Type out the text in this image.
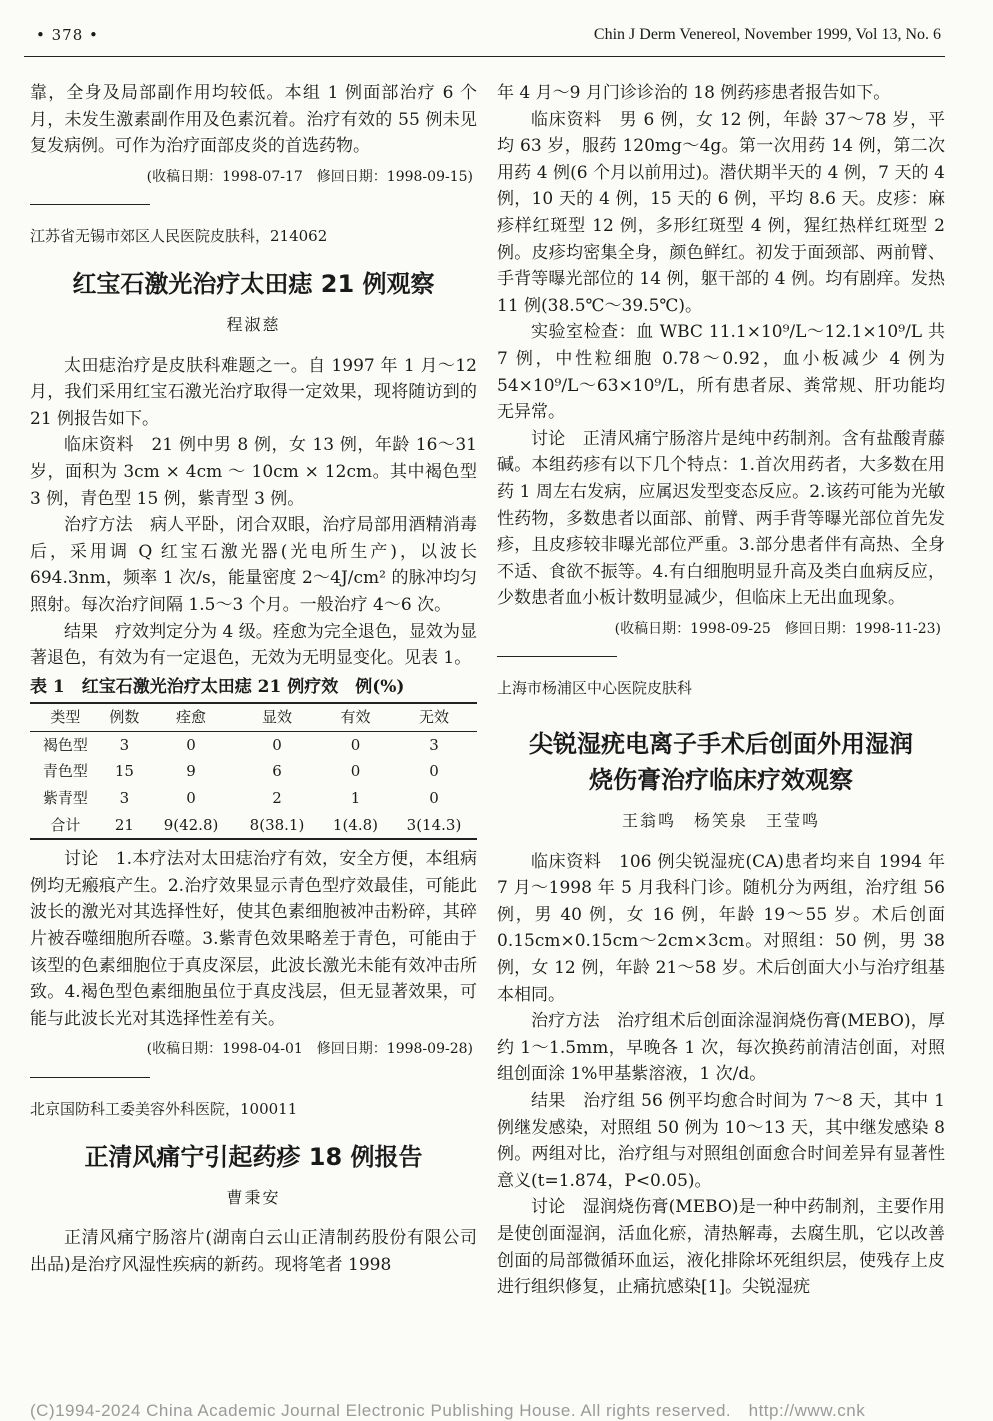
• 378 •	Chin J Derm Venereol, November 1999, Vol 13, No. 6

靠，全身及局部副作用均较低。本组 1 例面部治疗 6 个月，未发生激素副作用及色素沉着。治疗有效的 55 例未见复发病例。可作为治疗面部皮炎的首选药物。

(收稿日期：1998-07-17　修回日期：1998-09-15)
江苏省无锡市郊区人民医院皮肤科，214062
红宝石激光治疗太田痣 21 例观察
程淑慈

太田痣治疗是皮肤科难题之一。自 1997 年 1 月～12 月，我们采用红宝石激光治疗取得一定效果，现将随访到的 21 例报告如下。

临床资料　21 例中男 8 例，女 13 例，年龄 16～31 岁，面积为 3cm × 4cm ～ 10cm × 12cm。其中褐色型 3 例，青色型 15 例，紫青型 3 例。

治疗方法　病人平卧，闭合双眼，治疗局部用酒精消毒后，采用调 Q 红宝石激光器(光电所生产)，以波长 694.3nm，频率 1 次/s，能量密度 2～4J/cm² 的脉冲均匀照射。每次治疗间隔 1.5～3 个月。一般治疗 4～6 次。

结果　疗效判定分为 4 级。痊愈为完全退色，显效为显著退色，有效为有一定退色，无效为无明显变化。见表 1。

表 1　红宝石激光治疗太田痣 21 例疗效　例(%)
类型	例数	痊愈	显效	有效	无效
褐色型	3	0	0	0	3
青色型	15	9	6	0	0
紫青型	3	0	2	1	0
合计	21	9(42.8)	8(38.1)	1(4.8)	3(14.3)

讨论　1.本疗法对太田痣治疗有效，安全方便，本组病例均无瘢痕产生。2.治疗效果显示青色型疗效最佳，可能此波长的激光对其选择性好，使其色素细胞被冲击粉碎，其碎片被吞噬细胞所吞噬。3.紫青色效果略差于青色，可能由于该型的色素细胞位于真皮深层，此波长激光未能有效冲击所致。4.褐色型色素细胞虽位于真皮浅层，但无显著效果，可能与此波长光对其选择性差有关。

(收稿日期：1998-04-01　修回日期：1998-09-28)
北京国防科工委美容外科医院，100011
正清风痛宁引起药疹 18 例报告
曹秉安

正清风痛宁肠溶片(湖南白云山正清制药股份有限公司出品)是治疗风湿性疾病的新药。现将笔者 1998

年 4 月～9 月门诊诊治的 18 例药疹患者报告如下。

临床资料　男 6 例，女 12 例，年龄 37～78 岁，平均 63 岁，服药 120mg～4g。第一次用药 14 例，第二次用药 4 例(6 个月以前用过)。潜伏期半天的 4 例，7 天的 4 例，10 天的 4 例，15 天的 6 例，平均 8.6 天。皮疹：麻疹样红斑型 12 例，多形红斑型 4 例，猩红热样红斑型 2 例。皮疹均密集全身，颜色鲜红。初发于面颈部、两前臂、手背等曝光部位的 14 例，躯干部的 4 例。均有剧痒。发热 11 例(38.5℃～39.5℃)。

实验室检查：血 WBC 11.1×10⁹/L～12.1×10⁹/L 共 7 例，中性粒细胞 0.78～0.92，血小板减少 4 例为 54×10⁹/L～63×10⁹/L，所有患者尿、粪常规、肝功能均无异常。

讨论　正清风痛宁肠溶片是纯中药制剂。含有盐酸青藤碱。本组药疹有以下几个特点：1.首次用药者，大多数在用药 1 周左右发病，应属迟发型变态反应。2.该药可能为光敏性药物，多数患者以面部、前臂、两手背等曝光部位首先发疹，且皮疹较非曝光部位严重。3.部分患者伴有高热、全身不适、食欲不振等。4.有白细胞明显升高及类白血病反应，少数患者血小板计数明显减少，但临床上无出血现象。

(收稿日期：1998-09-25　修回日期：1998-11-23)
上海市杨浦区中心医院皮肤科
尖锐湿疣电离子手术后创面外用湿润
烧伤膏治疗临床疗效观察
王翁鸣　杨笑泉　王莹鸣

临床资料　106 例尖锐湿疣(CA)患者均来自 1994 年 7 月～1998 年 5 月我科门诊。随机分为两组，治疗组 56 例，男 40 例，女 16 例，年龄 19～55 岁。术后创面 0.15cm×0.15cm～2cm×3cm。对照组：50 例，男 38 例，女 12 例，年龄 21～58 岁。术后创面大小与治疗组基本相同。

治疗方法　治疗组术后创面涂湿润烧伤膏(MEBO)，厚约 1～1.5mm，早晚各 1 次，每次换药前清洁创面，对照组创面涂 1%甲基紫溶液，1 次/d。

结果　治疗组 56 例平均愈合时间为 7～8 天，其中 1 例继发感染，对照组 50 例为 10～13 天，其中继发感染 8 例。两组对比，治疗组与对照组创面愈合时间差异有显著性意义(t=1.874，P<0.05)。

讨论　湿润烧伤膏(MEBO)是一种中药制剂，主要作用是使创面湿润，活血化瘀，清热解毒，去腐生肌，它以改善创面的局部微循环血运，液化排除坏死组织层，使残存上皮进行组织修复，止痛抗感染[1]。尖锐湿疣

(C)1994-2024 China Academic Journal Electronic Publishing House. All rights reserved.　http://www.cnk
